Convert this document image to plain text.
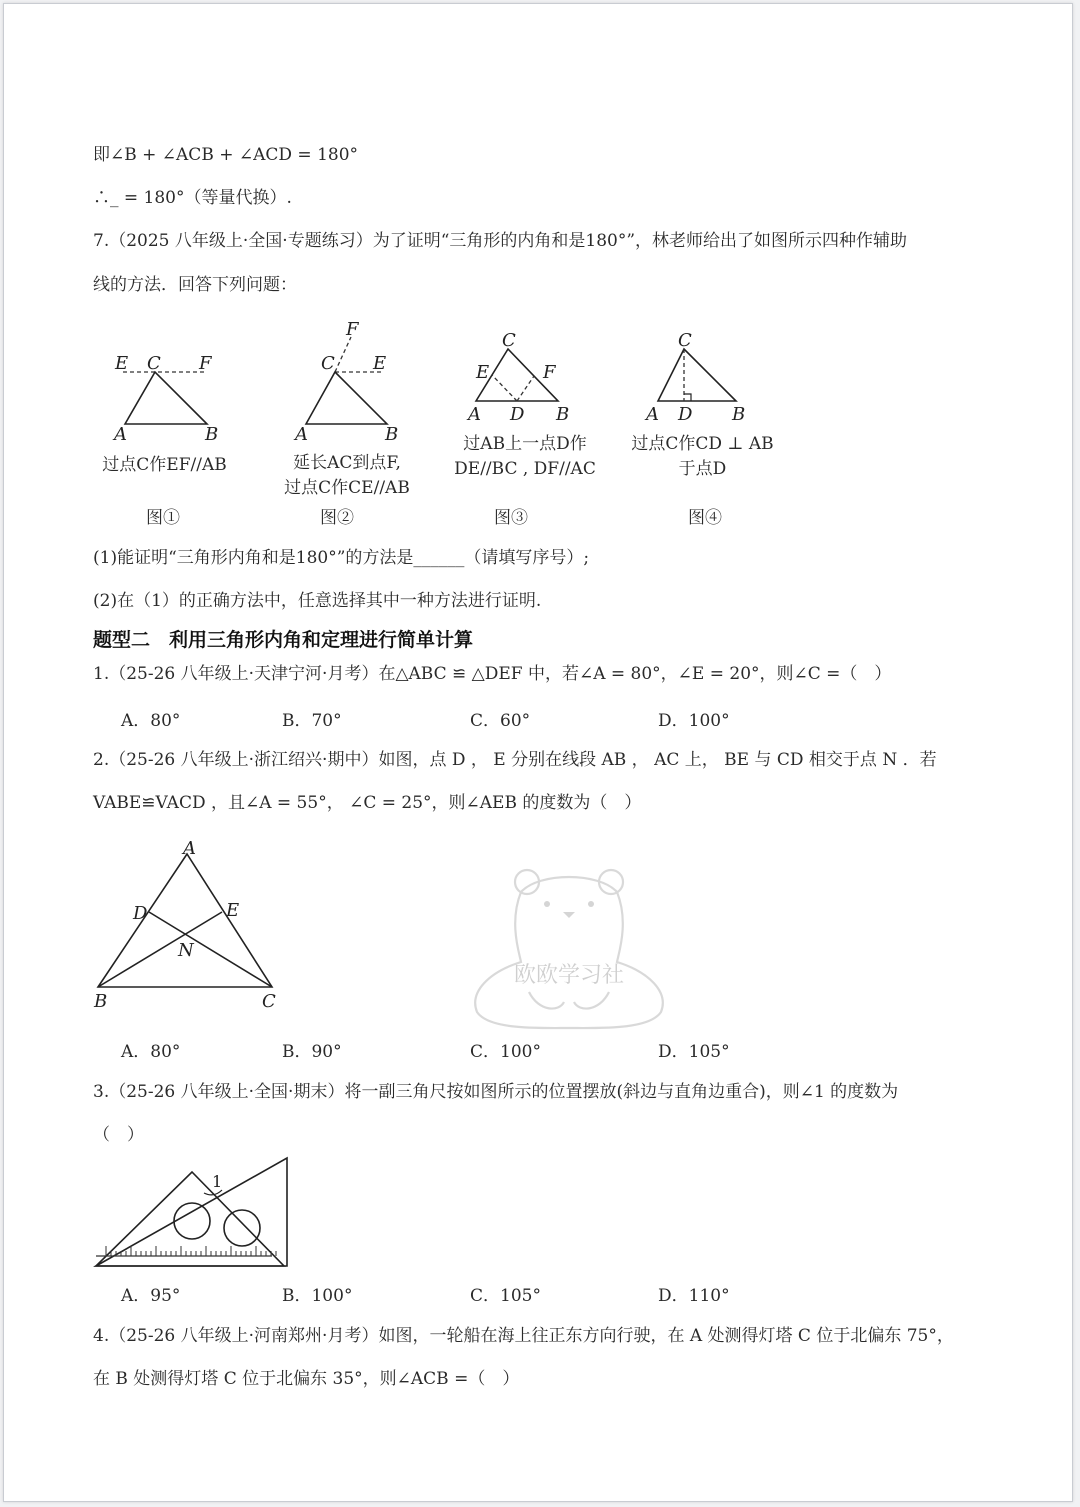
即∠B + ∠ACB + ∠ACD = 180°
∴_ = 180°（等量代换）.
7.（2025 八年级上·全国·专题练习）为了证明“三角形的内角和是180°”，林老师给出了如图所示四种作辅助
线的方法．回答下列问题：
E C F
A	B
过点C作EF//AB
图①
F
C E
A	B
延长AC到点F,
过点C作CE//AB
图②
C
E	F
A D B
过AB上一点D作
DE//BC , DF//AC
图③
C
A D B
过点C作CD ⊥ AB
于点D
图④
(1)能证明“三角形内角和是180°”的方法是______（请填写序号）;
(2)在（1）的正确方法中，任意选择其中一种方法进行证明.
题型二　利用三角形内角和定理进行简单计算
1.（25-26 八年级上·天津宁河·月考）在△ABC ≌ △DEF 中，若∠A = 80°，∠E = 20°，则∠C =（　）
A．80°	B．70°	C．60°	D．100°
2.（25-26 八年级上·浙江绍兴·期中）如图，点 D ， E 分别在线段 AB ， AC 上， BE 与 CD 相交于点 N ．若
VABE≌VACD ，且∠A = 55°， ∠C = 25°，则∠AEB 的度数为（　）
A
D	E
N
B	C
欧欧学习社
A．80°	B．90°	C．100°	D．105°
3.（25-26 八年级上·全国·期末）将一副三角尺按如图所示的位置摆放(斜边与直角边重合)，则∠1 的度数为
（　）
1
A．95°	B．100°	C．105°	D．110°
4.（25-26 八年级上·河南郑州·月考）如图，一轮船在海上往正东方向行驶，在 A 处测得灯塔 C 位于北偏东 75°，
在 B 处测得灯塔 C 位于北偏东 35°，则∠ACB =（　）
